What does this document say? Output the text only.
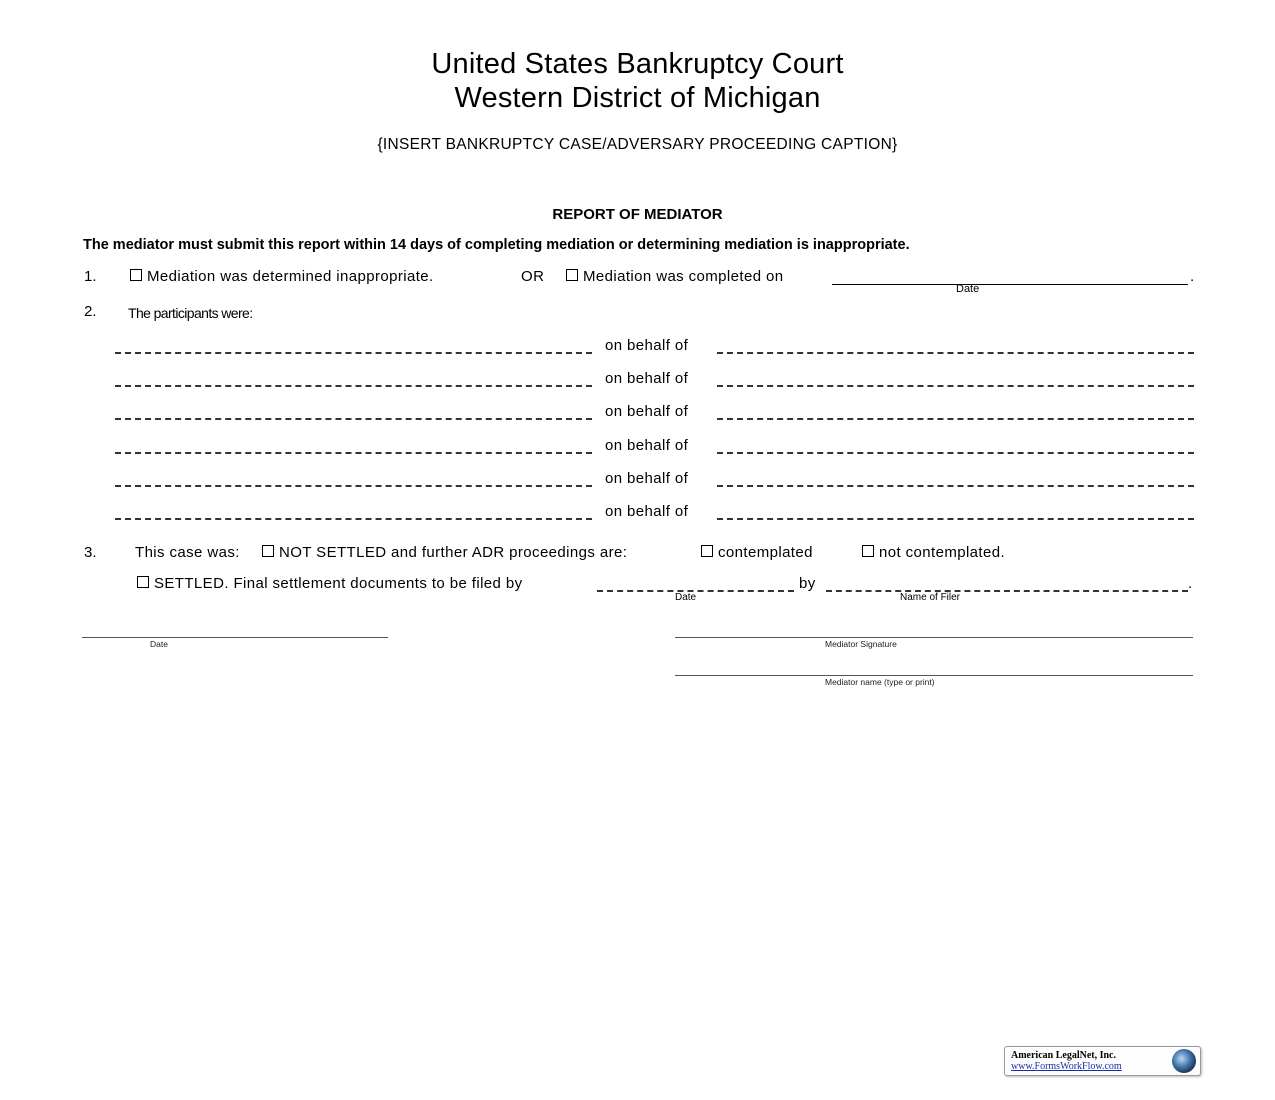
United States Bankruptcy Court
Western District of Michigan
{INSERT BANKRUPTCY CASE/ADVERSARY PROCEEDING CAPTION}
REPORT OF MEDIATOR
The mediator must submit this report within 14 days of completing mediation or determining mediation is inappropriate.
1.	Mediation was determined inappropriate.	OR	Mediation was completed on	.
Date
2. The participants were:
on behalf of
on behalf of
on behalf of
on behalf of
on behalf of
on behalf of
3.	This case was:	NOT SETTLED and further ADR proceedings are:	contemplated	not contemplated.
SETTLED. Final settlement documents to be filed by	by	.
Date	Name of Filer
Date	Mediator Signature
Mediator name (type or print)
American LegalNet, Inc.
www.FormsWorkFlow.com
